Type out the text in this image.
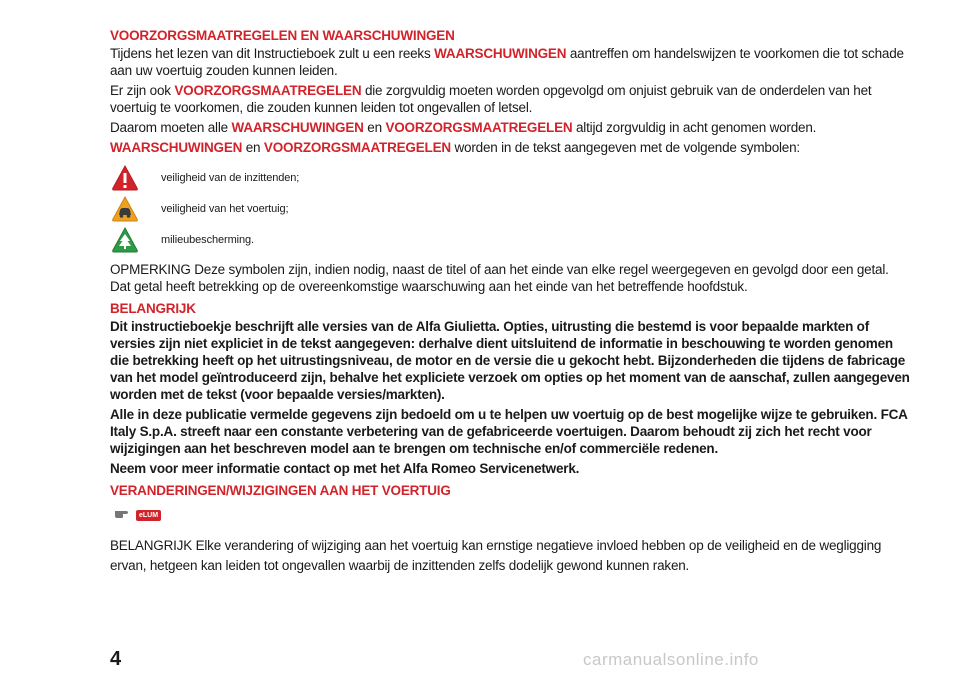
VOORZORGSMAATREGELEN EN WAARSCHUWINGEN

Tijdens het lezen van dit Instructieboek zult u een reeks WAARSCHUWINGEN aantreffen om handelswijzen te voorkomen die tot schade aan uw voertuig zouden kunnen leiden.

Er zijn ook VOORZORGSMAATREGELEN die zorgvuldig moeten worden opgevolgd om onjuist gebruik van de onderdelen van het voertuig te voorkomen, die zouden kunnen leiden tot ongevallen of letsel.

Daarom moeten alle WAARSCHUWINGEN en VOORZORGSMAATREGELEN altijd zorgvuldig in acht genomen worden.

WAARSCHUWINGEN en VOORZORGSMAATREGELEN worden in de tekst aangegeven met de volgende symbolen:

veiligheid van de inzittenden;
veiligheid van het voertuig;
milieubescherming.

OPMERKING Deze symbolen zijn, indien nodig, naast de titel of aan het einde van elke regel weergegeven en gevolgd door een getal. Dat getal heeft betrekking op de overeenkomstige waarschuwing aan het einde van het betreffende hoofdstuk.

BELANGRIJK

Dit instructieboekje beschrijft alle versies van de Alfa Giulietta. Opties, uitrusting die bestemd is voor bepaalde markten of versies zijn niet expliciet in de tekst aangegeven: derhalve dient uitsluitend de informatie in beschouwing te worden genomen die betrekking heeft op het uitrustingsniveau, de motor en de versie die u gekocht hebt. Bijzonderheden die tijdens de fabricage van het model geïntroduceerd zijn, behalve het expliciete verzoek om opties op het moment van de aanschaf, zullen aangegeven worden met de tekst (voor bepaalde versies/markten).

Alle in deze publicatie vermelde gegevens zijn bedoeld om u te helpen uw voertuig op de best mogelijke wijze te gebruiken. FCA Italy S.p.A. streeft naar een constante verbetering van de gefabriceerde voertuigen. Daarom behoudt zij zich het recht voor wijzigingen aan het beschreven model aan te brengen om technische en/of commerciële redenen.

Neem voor meer informatie contact op met het Alfa Romeo Servicenetwerk.

VERANDERINGEN/WIJZIGINGEN AAN HET VOERTUIG
eLUM

BELANGRIJK Elke verandering of wijziging aan het voertuig kan ernstige negatieve invloed hebben op de veiligheid en de wegligging ervan, hetgeen kan leiden tot ongevallen waarbij de inzittenden zelfs dodelijk gewond kunnen raken.

4	carmanualsonline.info
